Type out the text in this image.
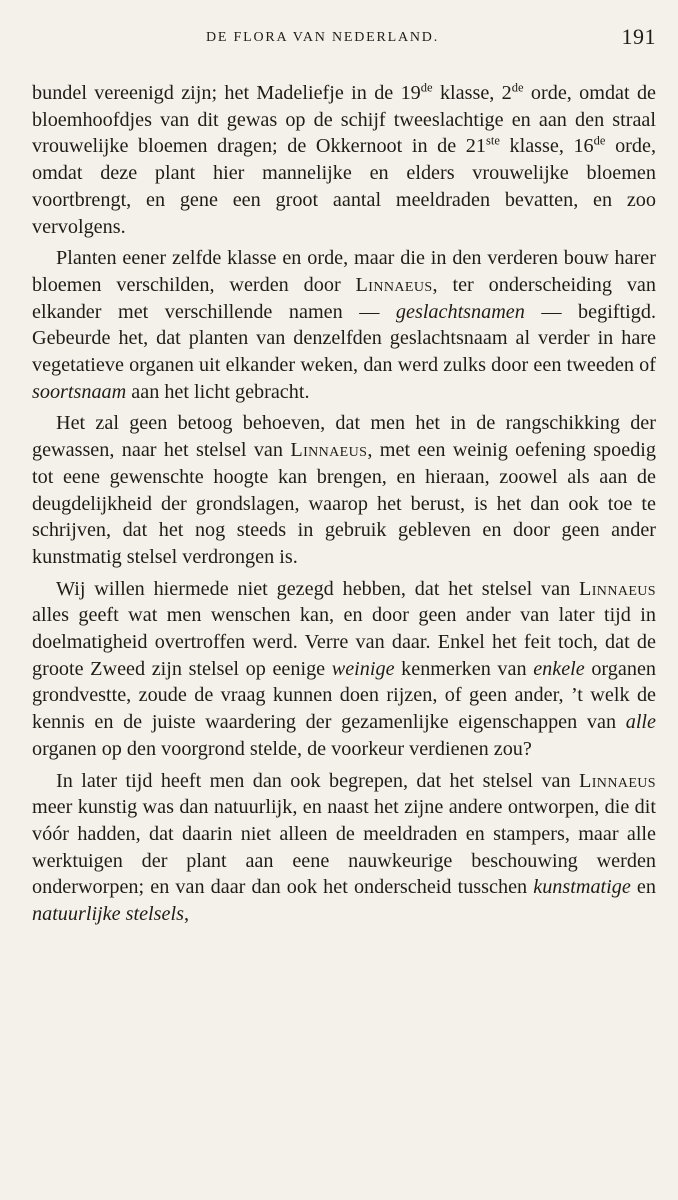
DE FLORA VAN NEDERLAND.	191

bundel vereenigd zijn; het Madeliefje in de 19de klasse, 2de orde, omdat de bloemhoofdjes van dit gewas op de schijf tweeslachtige en aan den straal vrouwelijke bloemen dragen; de Okkernoot in de 21ste klasse, 16de orde, omdat deze plant hier mannelijke en elders vrouwelijke bloemen voortbrengt, en gene een groot aantal meeldraden bevatten, en zoo vervolgens.

Planten eener zelfde klasse en orde, maar die in den verderen bouw harer bloemen verschilden, werden door Linnaeus, ter onderscheiding van elkander met verschillende namen — geslachtsnamen — begiftigd. Gebeurde het, dat planten van denzelfden geslachtsnaam al verder in hare vegetatieve organen uit elkander weken, dan werd zulks door een tweeden of soortsnaam aan het licht gebracht.

Het zal geen betoog behoeven, dat men het in de rangschikking der gewassen, naar het stelsel van Linnaeus, met een weinig oefening spoedig tot eene gewenschte hoogte kan brengen, en hieraan, zoowel als aan de deugdelijkheid der grondslagen, waarop het berust, is het dan ook toe te schrijven, dat het nog steeds in gebruik gebleven en door geen ander kunstmatig stelsel verdrongen is.

Wij willen hiermede niet gezegd hebben, dat het stelsel van Linnaeus alles geeft wat men wenschen kan, en door geen ander van later tijd in doelmatigheid overtroffen werd. Verre van daar. Enkel het feit toch, dat de groote Zweed zijn stelsel op eenige weinige kenmerken van enkele organen grondvestte, zoude de vraag kunnen doen rijzen, of geen ander, ’t welk de kennis en de juiste waardering der gezamenlijke eigenschappen van alle organen op den voorgrond stelde, de voorkeur verdienen zou?

In later tijd heeft men dan ook begrepen, dat het stelsel van Linnaeus meer kunstig was dan natuurlijk, en naast het zijne andere ontworpen, die dit vóór hadden, dat daarin niet alleen de meeldraden en stampers, maar alle werktuigen der plant aan eene nauwkeurige beschouwing werden onderworpen; en van daar dan ook het onderscheid tusschen kunstmatige en natuurlijke stelsels,
